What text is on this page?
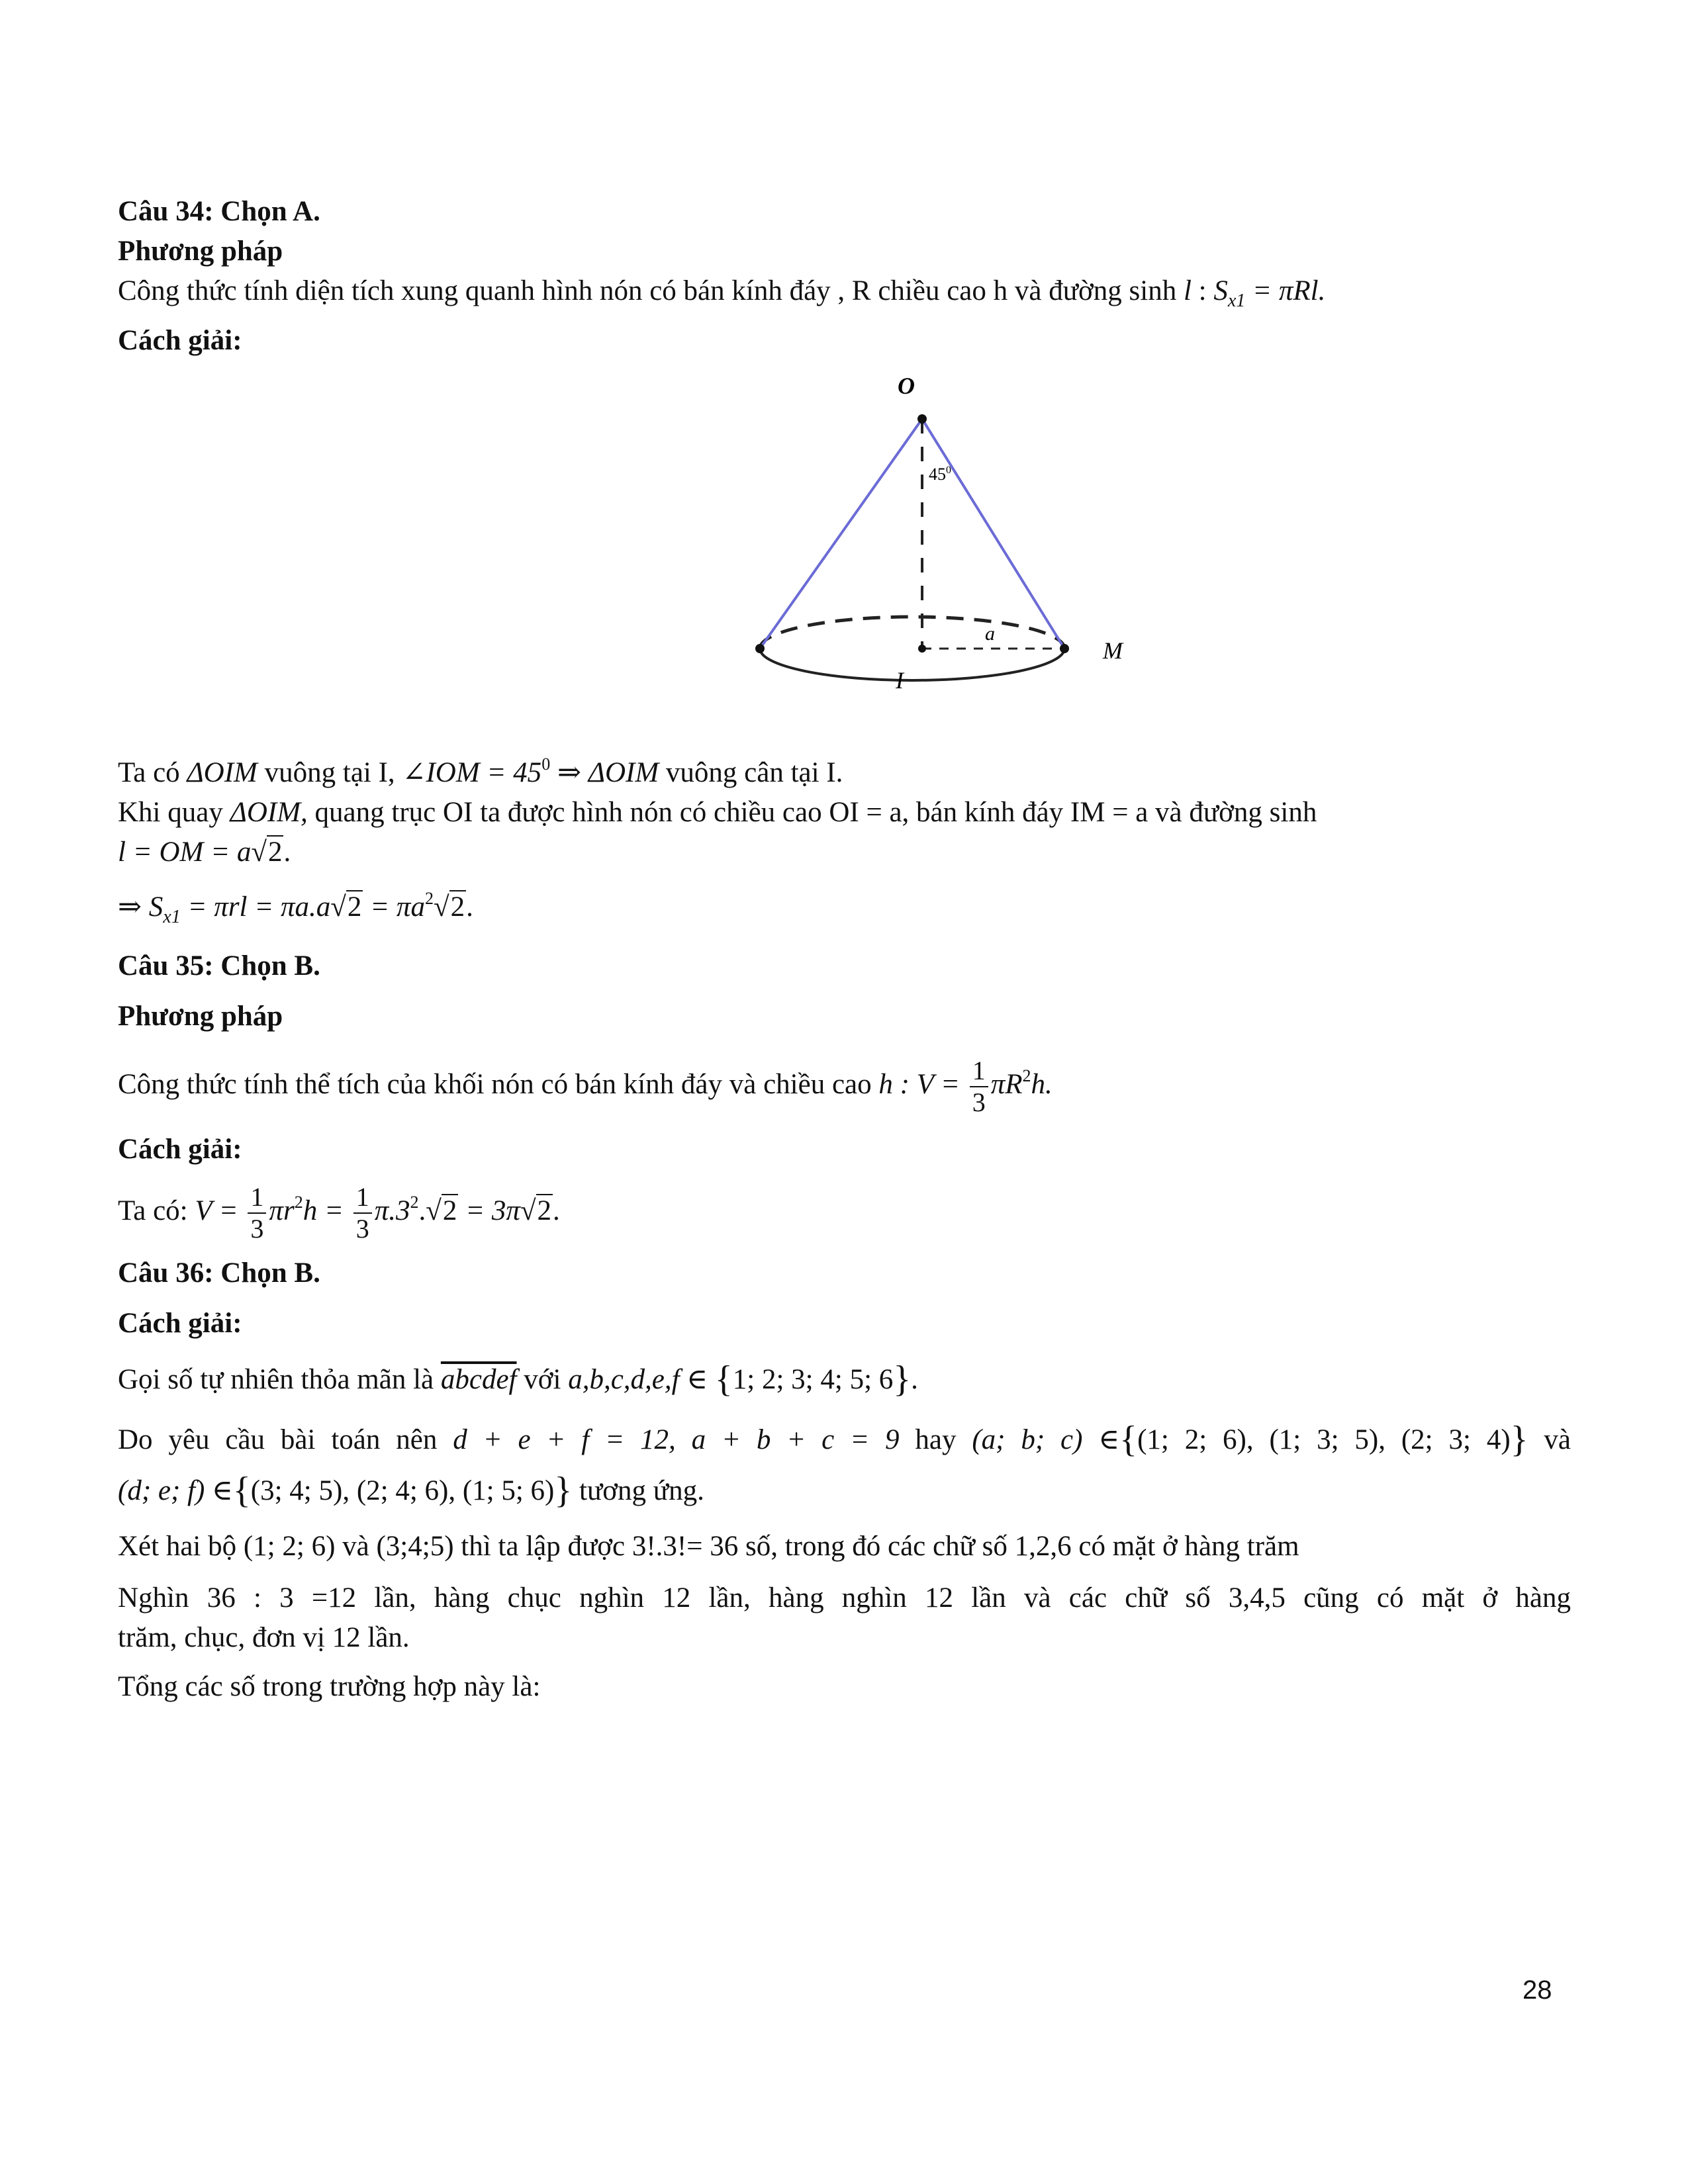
Câu 34: Chọn A.

Phương pháp

Công thức tính diện tích xung quanh hình nón có bán kính đáy , R chiều cao h và đường sinh l : $S_{x1} = \pi Rl$.

Cách giải:

O
I
M
a
$45^0$

Ta có ΔOIM vuông tại I, ∠IOM = $45^0$ ⇒ ΔOIM vuông cân tại I.

Khi quay ΔOIM, quang trục OI ta được hình nón có chiều cao OI = a, bán kính đáy IM = a và đường sinh

l = OM = a√2.

⇒ $S_{x1} = \pi rl = \pi a.a√2 = \pi a^2√2$.

Câu 35: Chọn B.

Phương pháp

Công thức tính thể tích của khối nón có bán kính đáy và chiều cao h : $V = \frac{1}{3} \pi R^2h$.

Cách giải:

Ta có: $V = \frac{1}{3} \pi r^2h = \frac{1}{3} \pi.3^2.√2 = 3\pi√2$.

Câu 36: Chọn B.

Cách giải:

Gọi số tự nhiên thỏa mãn là abcdef với a,b,c,d,e,f ∈ {1; 2; 3; 4; 5; 6}.

Do yêu cầu bài toán nên d + e + f = 12, a + b + c = 9 hay (a; b; c) ∈{(1; 2; 6), (1; 3; 5), (2; 3; 4)} và

(d; e; f) ∈{(3; 4; 5), (2; 4; 6), (1; 5; 6)} tương ứng.

Xét hai bộ (1; 2; 6) và (3;4;5) thì ta lập được 3!.3!= 36 số, trong đó các chữ số 1,2,6 có mặt ở hàng trăm

Nghìn 36 : 3 =12 lần, hàng chục nghìn 12 lần, hàng nghìn 12 lần và các chữ số 3,4,5 cũng có mặt ở hàng

trăm, chục, đơn vị 12 lần.

Tổng các số trong trường hợp này là:

28
